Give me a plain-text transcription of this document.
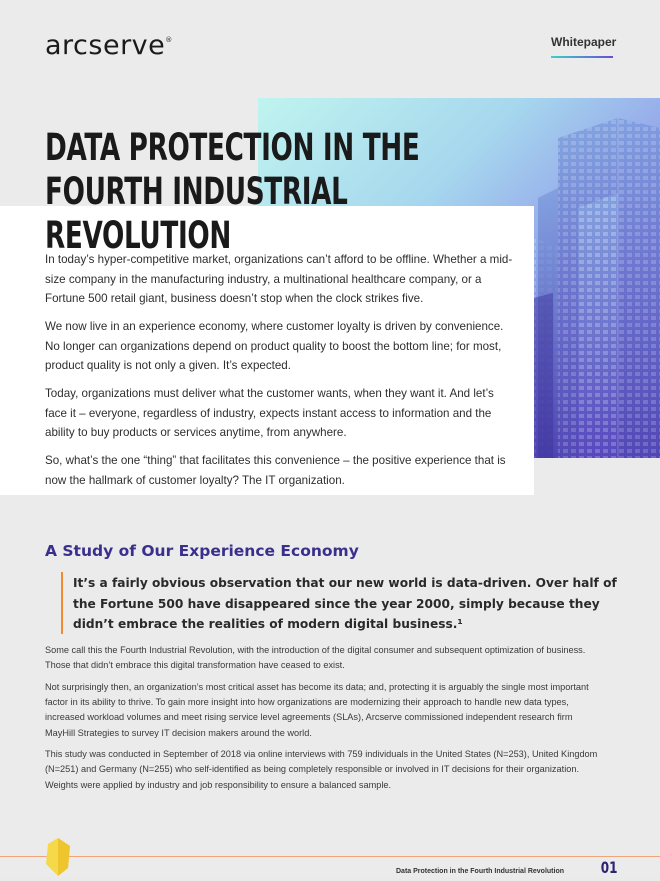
arcserve®	Whitepaper
DATA PROTECTION IN THE FOURTH INDUSTRIAL REVOLUTION

In today’s hyper-competitive market, organizations can’t afford to be offline. Whether a mid-size company in the manufacturing industry, a multinational healthcare company, or a Fortune 500 retail giant, business doesn’t stop when the clock strikes five.

We now live in an experience economy, where customer loyalty is driven by convenience. No longer can organizations depend on product quality to boost the bottom line; for most, product quality is not only a given. It’s expected.

Today, organizations must deliver what the customer wants, when they want it. And let’s face it – everyone, regardless of industry, expects instant access to information and the ability to buy products or services anytime, from anywhere.

So, what’s the one “thing” that facilitates this convenience – the positive experience that is now the hallmark of customer loyalty? The IT organization.

A Study of Our Experience Economy

It’s a fairly obvious observation that our new world is data-driven. Over half of the Fortune 500 have disappeared since the year 2000, simply because they didn’t embrace the realities of modern digital business.¹

Some call this the Fourth Industrial Revolution, with the introduction of the digital consumer and subsequent optimization of business. Those that didn’t embrace this digital transformation have ceased to exist.

Not surprisingly then, an organization’s most critical asset has become its data; and, protecting it is arguably the single most important factor in its ability to thrive. To gain more insight into how organizations are modernizing their approach to handle new data types, increased workload volumes and meet rising service level agreements (SLAs), Arcserve commissioned independent research firm MayHill Strategies to survey IT decision makers around the world.

This study was conducted in September of 2018 via online interviews with 759 individuals in the United States (N=253), United Kingdom (N=251) and Germany (N=255) who self-identified as being completely responsible or involved in IT decisions for their organization. Weights were applied by industry and job responsibility to ensure a balanced sample.

Data Protection in the Fourth Industrial Revolution 01
